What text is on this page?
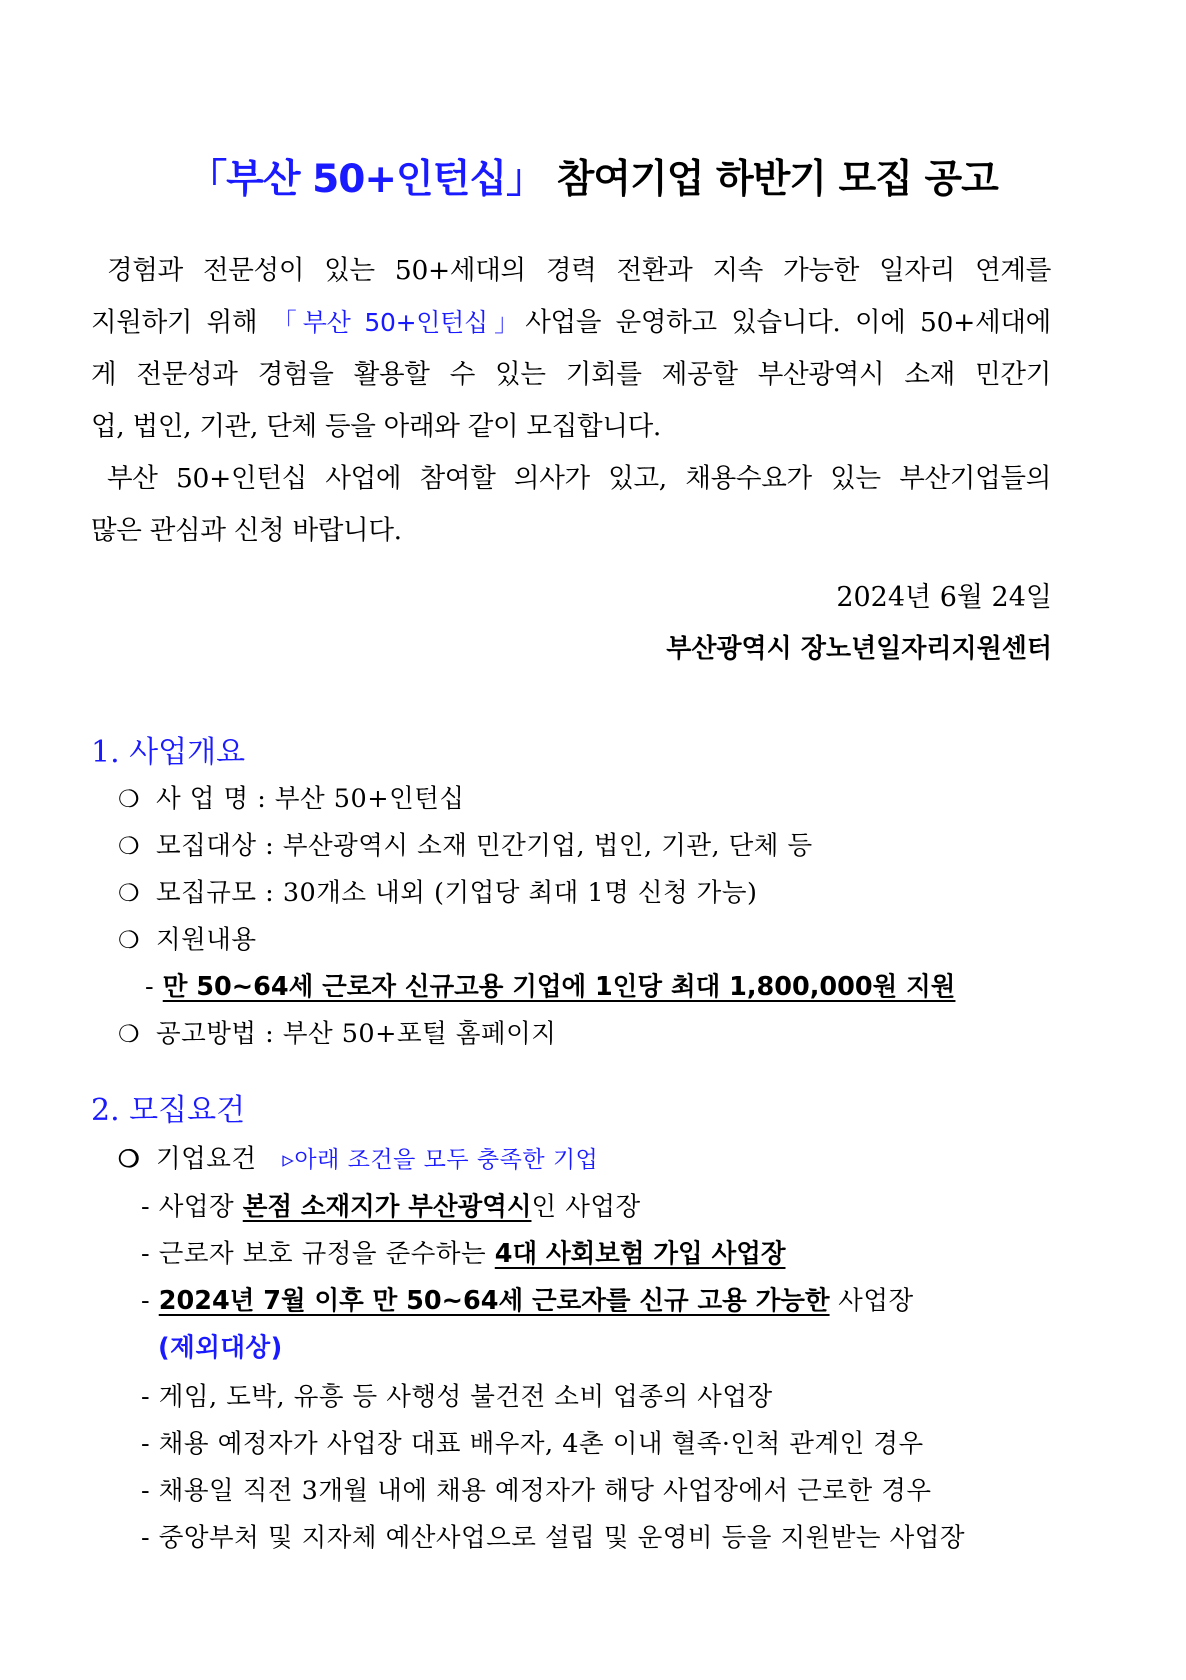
「부산 50+인턴십」 참여기업 하반기 모집 공고
경험과 전문성이 있는 50+세대의 경력 전환과 지속 가능한 일자리 연계를
지원하기 위해 「부산 50+인턴십」사업을 운영하고 있습니다. 이에 50+세대에
게 전문성과 경험을 활용할 수 있는 기회를 제공할 부산광역시 소재 민간기
업, 법인, 기관, 단체 등을 아래와 같이 모집합니다.
부산 50+인턴십 사업에 참여할 의사가 있고, 채용수요가 있는 부산기업들의
많은 관심과 신청 바랍니다.
2024년 6월 24일
부산광역시 장노년일자리지원센터
1. 사업개요
❍ 사 업 명 : 부산 50+인턴십
❍ 모집대상 : 부산광역시 소재 민간기업, 법인, 기관, 단체 등
❍ 모집규모 : 30개소 내외 (기업당 최대 1명 신청 가능)
❍ 지원내용
- 만 50~64세 근로자 신규고용 기업에 1인당 최대 1,800,000원 지원
❍ 공고방법 : 부산 50+포털 홈페이지
2. 모집요건
❍ 기업요건 ▹아래 조건을 모두 충족한 기업
- 사업장 본점 소재지가 부산광역시인 사업장
- 근로자 보호 규정을 준수하는 4대 사회보험 가입 사업장
- 2024년 7월 이후 만 50~64세 근로자를 신규 고용 가능한 사업장
(제외대상)
- 게임, 도박, 유흥 등 사행성 불건전 소비 업종의 사업장
- 채용 예정자가 사업장 대표 배우자, 4촌 이내 혈족·인척 관계인 경우
- 채용일 직전 3개월 내에 채용 예정자가 해당 사업장에서 근로한 경우
- 중앙부처 및 지자체 예산사업으로 설립 및 운영비 등을 지원받는 사업장
